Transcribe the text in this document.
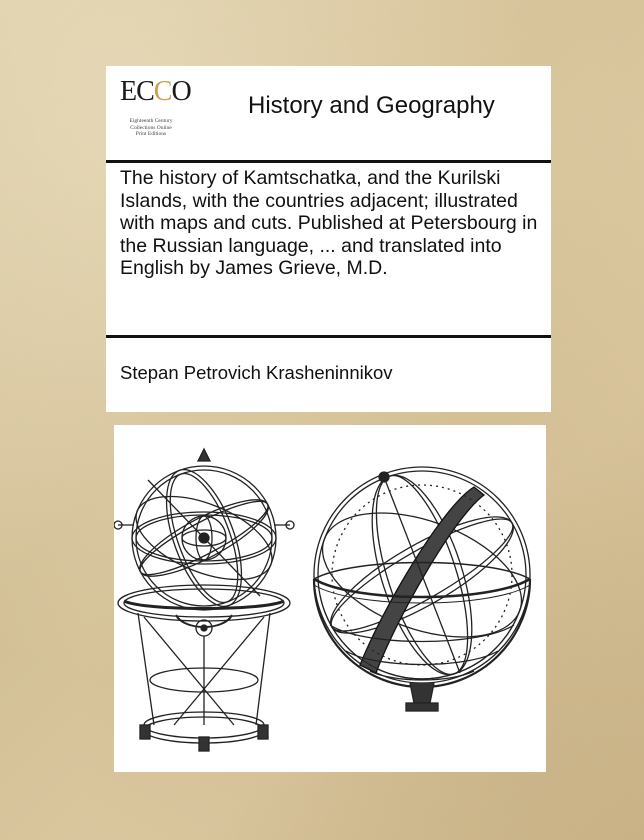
ECCO
Eighteenth Century
Collections Online
Print Editions
History and Geography
The history of Kamtschatka, and the Kurilski Islands, with the countries adjacent; illustrated with maps and cuts. Published at Petersbourg in the Russian language, ... and translated into English by James Grieve, M.D.
Stepan Petrovich Krasheninnikov
